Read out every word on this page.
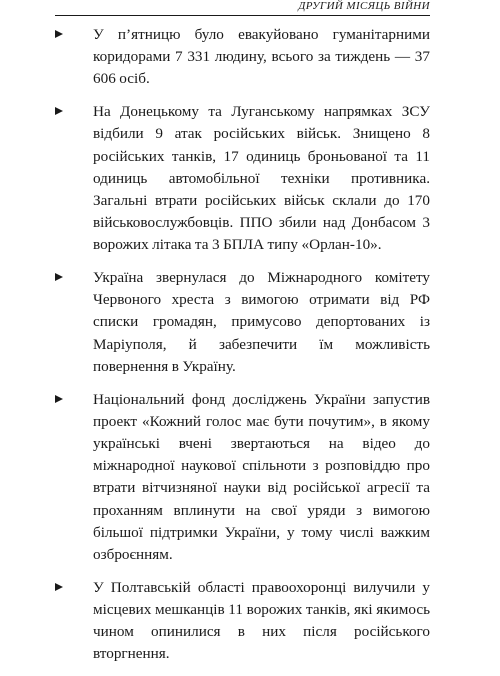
ДРУГИЙ МІСЯЦЬ ВІЙНИ
У п’ятницю було евакуйовано гуманітарними коридорами 7 331 людину, всього за тиждень — 37 606 осіб.
На Донецькому та Луганському напрямках ЗСУ відбили 9 атак російських військ. Знищено 8 російських танків, 17 одиниць броньованої та 11 одиниць автомобільної техніки противника. Загальні втрати російських військ склали до 170 військовослужбовців. ППО збили над Донбасом 3 ворожих літака та 3 БПЛА типу «Орлан-10».
Україна звернулася до Міжнародного комітету Червоного хреста з вимогою отримати від РФ списки громадян, примусово депортованих із Маріуполя, й забезпечити їм можливість повернення в Україну.
Національний фонд досліджень України запустив проект «Кожний голос має бути почутим», в якому українські вчені звертаються на відео до міжнародної наукової спільноти з розповіддю про втрати вітчизняної науки від російської агресії та проханням вплинути на свої уряди з вимогою більшої підтримки України, у тому числі важким озброєнням.
У Полтавській області правоохоронці вилучили у місцевих мешканців 11 ворожих танків, які якимось чином опинилися в них після російського вторгнення.
